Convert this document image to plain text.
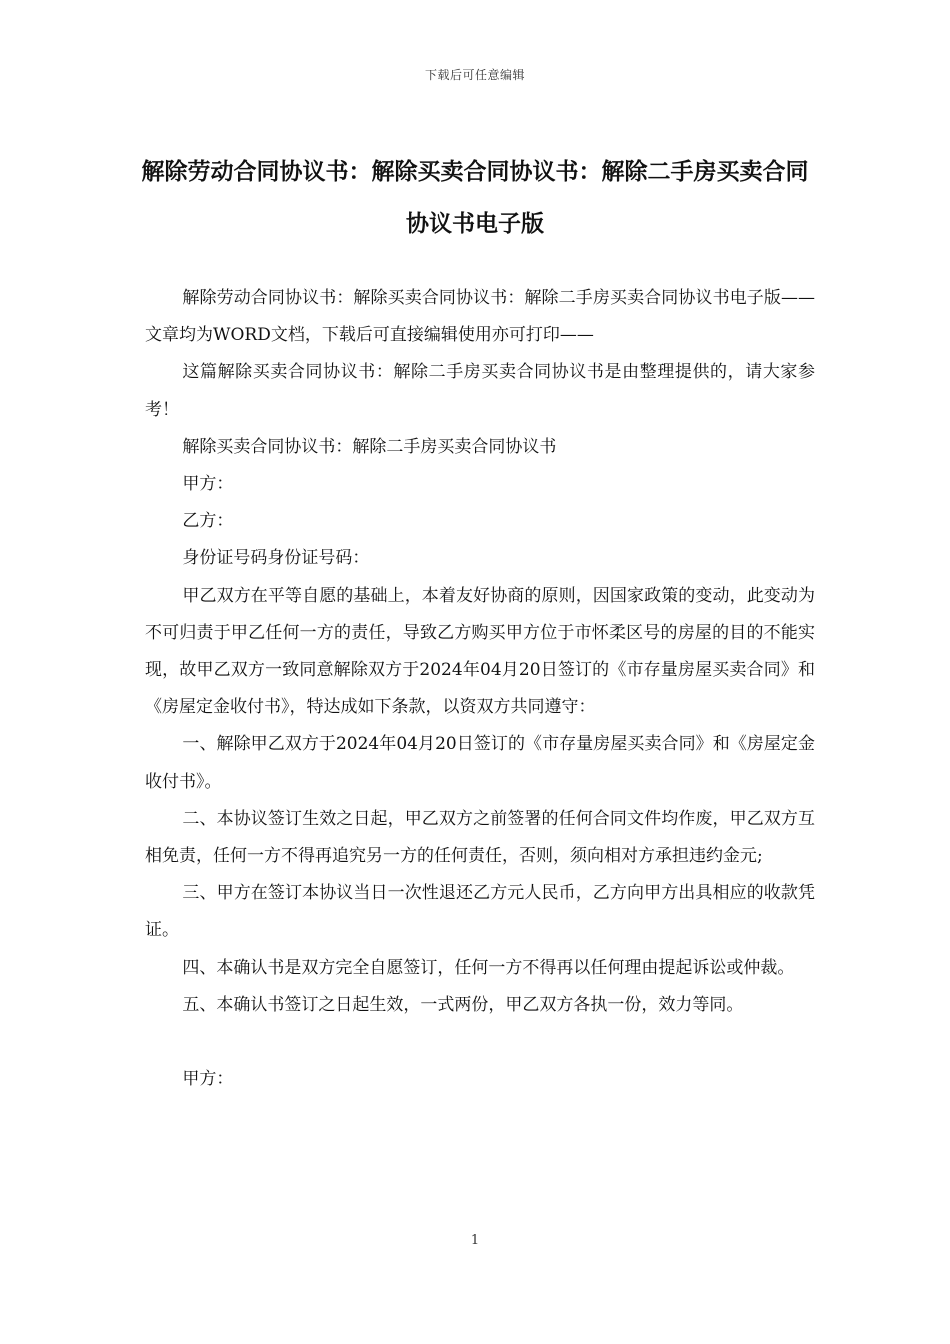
下载后可任意编辑
解除劳动合同协议书：解除买卖合同协议书：解除二手房买卖合同协议书电子版

解除劳动合同协议书：解除买卖合同协议书：解除二手房买卖合同协议书电子版——文章均为WORD文档，下载后可直接编辑使用亦可打印——

这篇解除买卖合同协议书：解除二手房买卖合同协议书是由整理提供的，请大家参考！

解除买卖合同协议书：解除二手房买卖合同协议书

甲方：

乙方：

身份证号码身份证号码：

甲乙双方在平等自愿的基础上，本着友好协商的原则，因国家政策的变动，此变动为不可归责于甲乙任何一方的责任，导致乙方购买甲方位于市怀柔区号的房屋的目的不能实现，故甲乙双方一致同意解除双方于2024年04月20日签订的《市存量房屋买卖合同》和《房屋定金收付书》，特达成如下条款，以资双方共同遵守：

一、解除甲乙双方于2024年04月20日签订的《市存量房屋买卖合同》和《房屋定金收付书》。

二、本协议签订生效之日起，甲乙双方之前签署的任何合同文件均作废，甲乙双方互相免责，任何一方不得再追究另一方的任何责任，否则，须向相对方承担违约金元;

三、甲方在签订本协议当日一次性退还乙方元人民币，乙方向甲方出具相应的收款凭证。

四、本确认书是双方完全自愿签订，任何一方不得再以任何理由提起诉讼或仲裁。

五、本确认书签订之日起生效，一式两份，甲乙双方各执一份，效力等同。

甲方：

1
